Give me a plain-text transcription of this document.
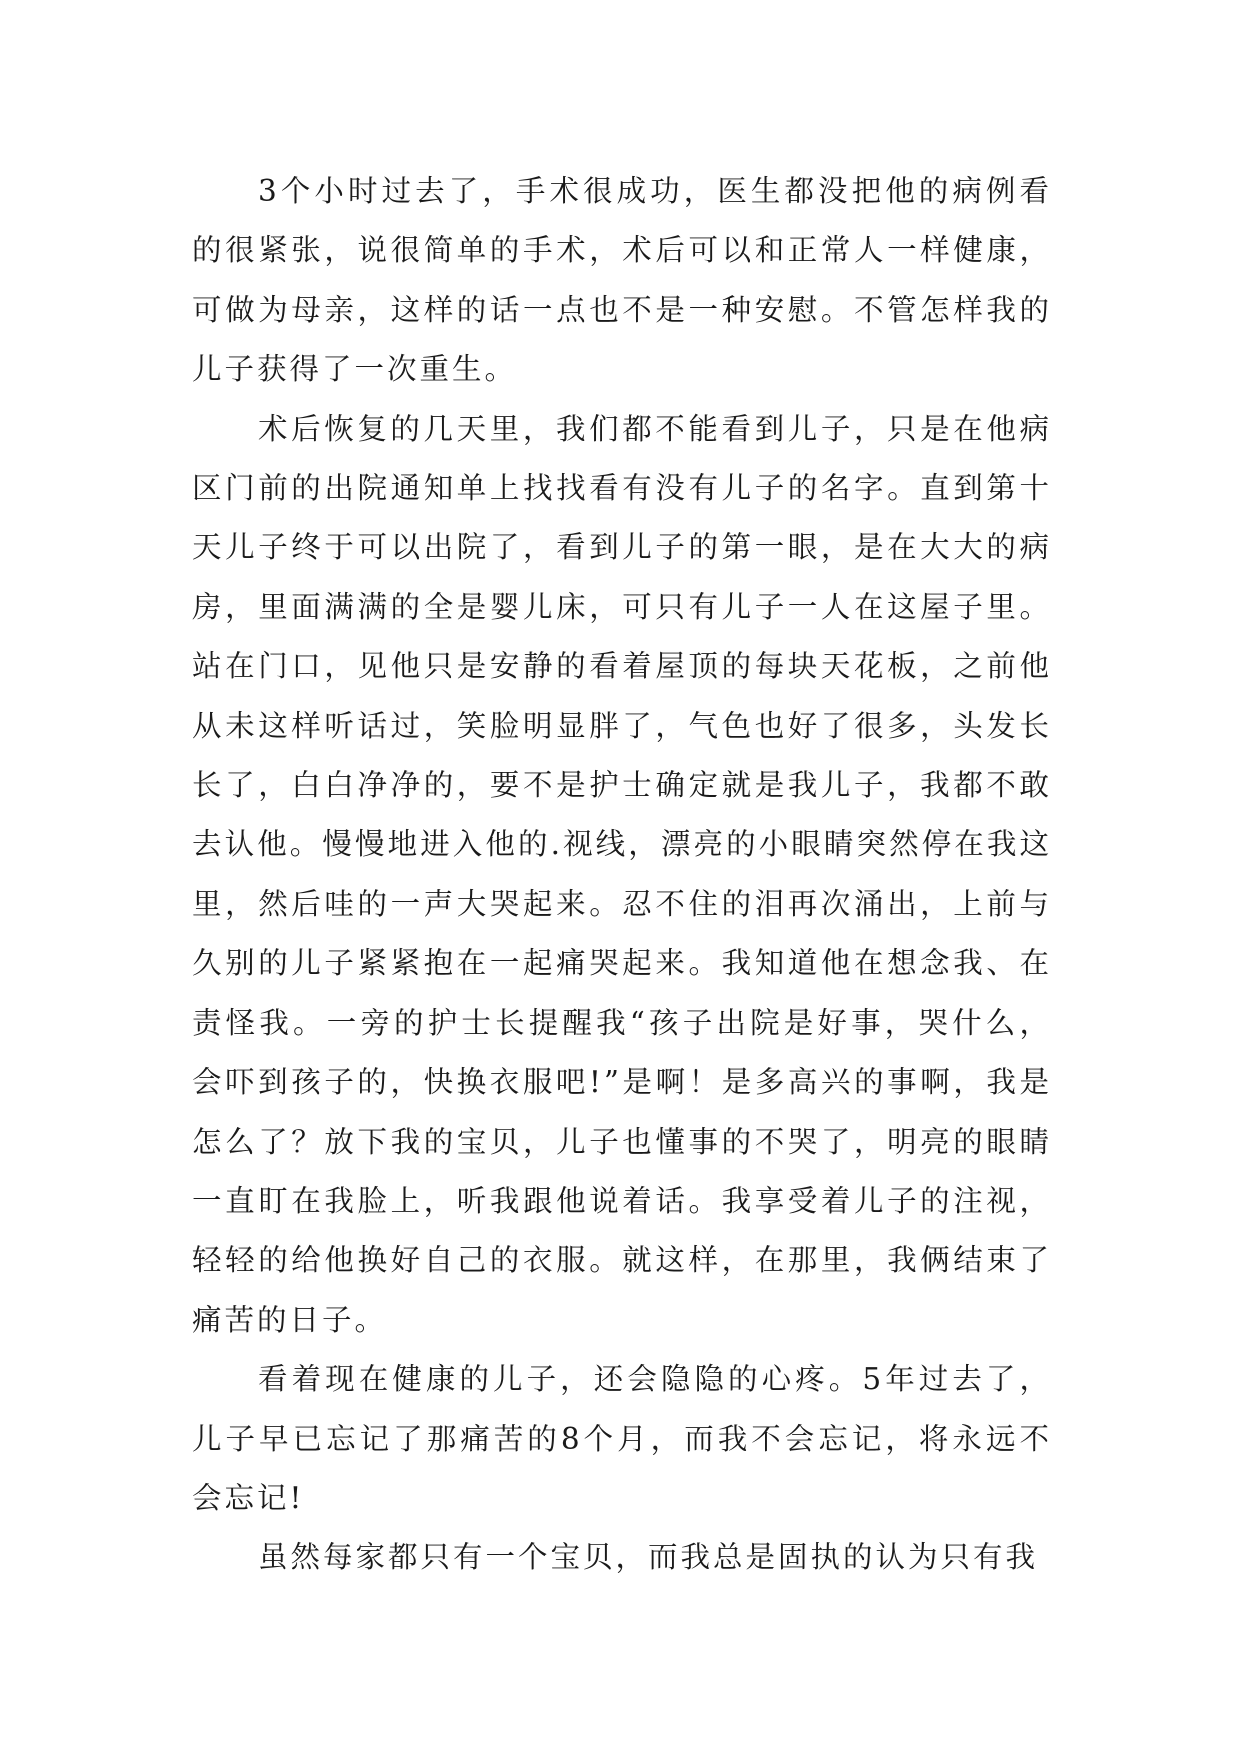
3个小时过去了，手术很成功，医生都没把他的病例看的很紧张，说很简单的手术，术后可以和正常人一样健康，可做为母亲，这样的话一点也不是一种安慰。不管怎样我的儿子获得了一次重生。

术后恢复的几天里，我们都不能看到儿子，只是在他病区门前的出院通知单上找找看有没有儿子的名字。直到第十天儿子终于可以出院了，看到儿子的第一眼，是在大大的病房，里面满满的全是婴儿床，可只有儿子一人在这屋子里。站在门口，见他只是安静的看着屋顶的每块天花板，之前他从未这样听话过，笑脸明显胖了，气色也好了很多，头发长长了，白白净净的，要不是护士确定就是我儿子，我都不敢去认他。慢慢地进入他的.视线，漂亮的小眼睛突然停在我这里，然后哇的一声大哭起来。忍不住的泪再次涌出，上前与久别的儿子紧紧抱在一起痛哭起来。我知道他在想念我、在责怪我。一旁的护士长提醒我“孩子出院是好事，哭什么，会吓到孩子的，快换衣服吧!”是啊！是多高兴的事啊，我是怎么了？放下我的宝贝，儿子也懂事的不哭了，明亮的眼睛一直盯在我脸上，听我跟他说着话。我享受着儿子的注视，轻轻的给他换好自己的衣服。就这样，在那里，我俩结束了痛苦的日子。

看着现在健康的儿子，还会隐隐的心疼。5年过去了，儿子早已忘记了那痛苦的8个月，而我不会忘记，将永远不会忘记!

虽然每家都只有一个宝贝，而我总是固执的认为只有我
